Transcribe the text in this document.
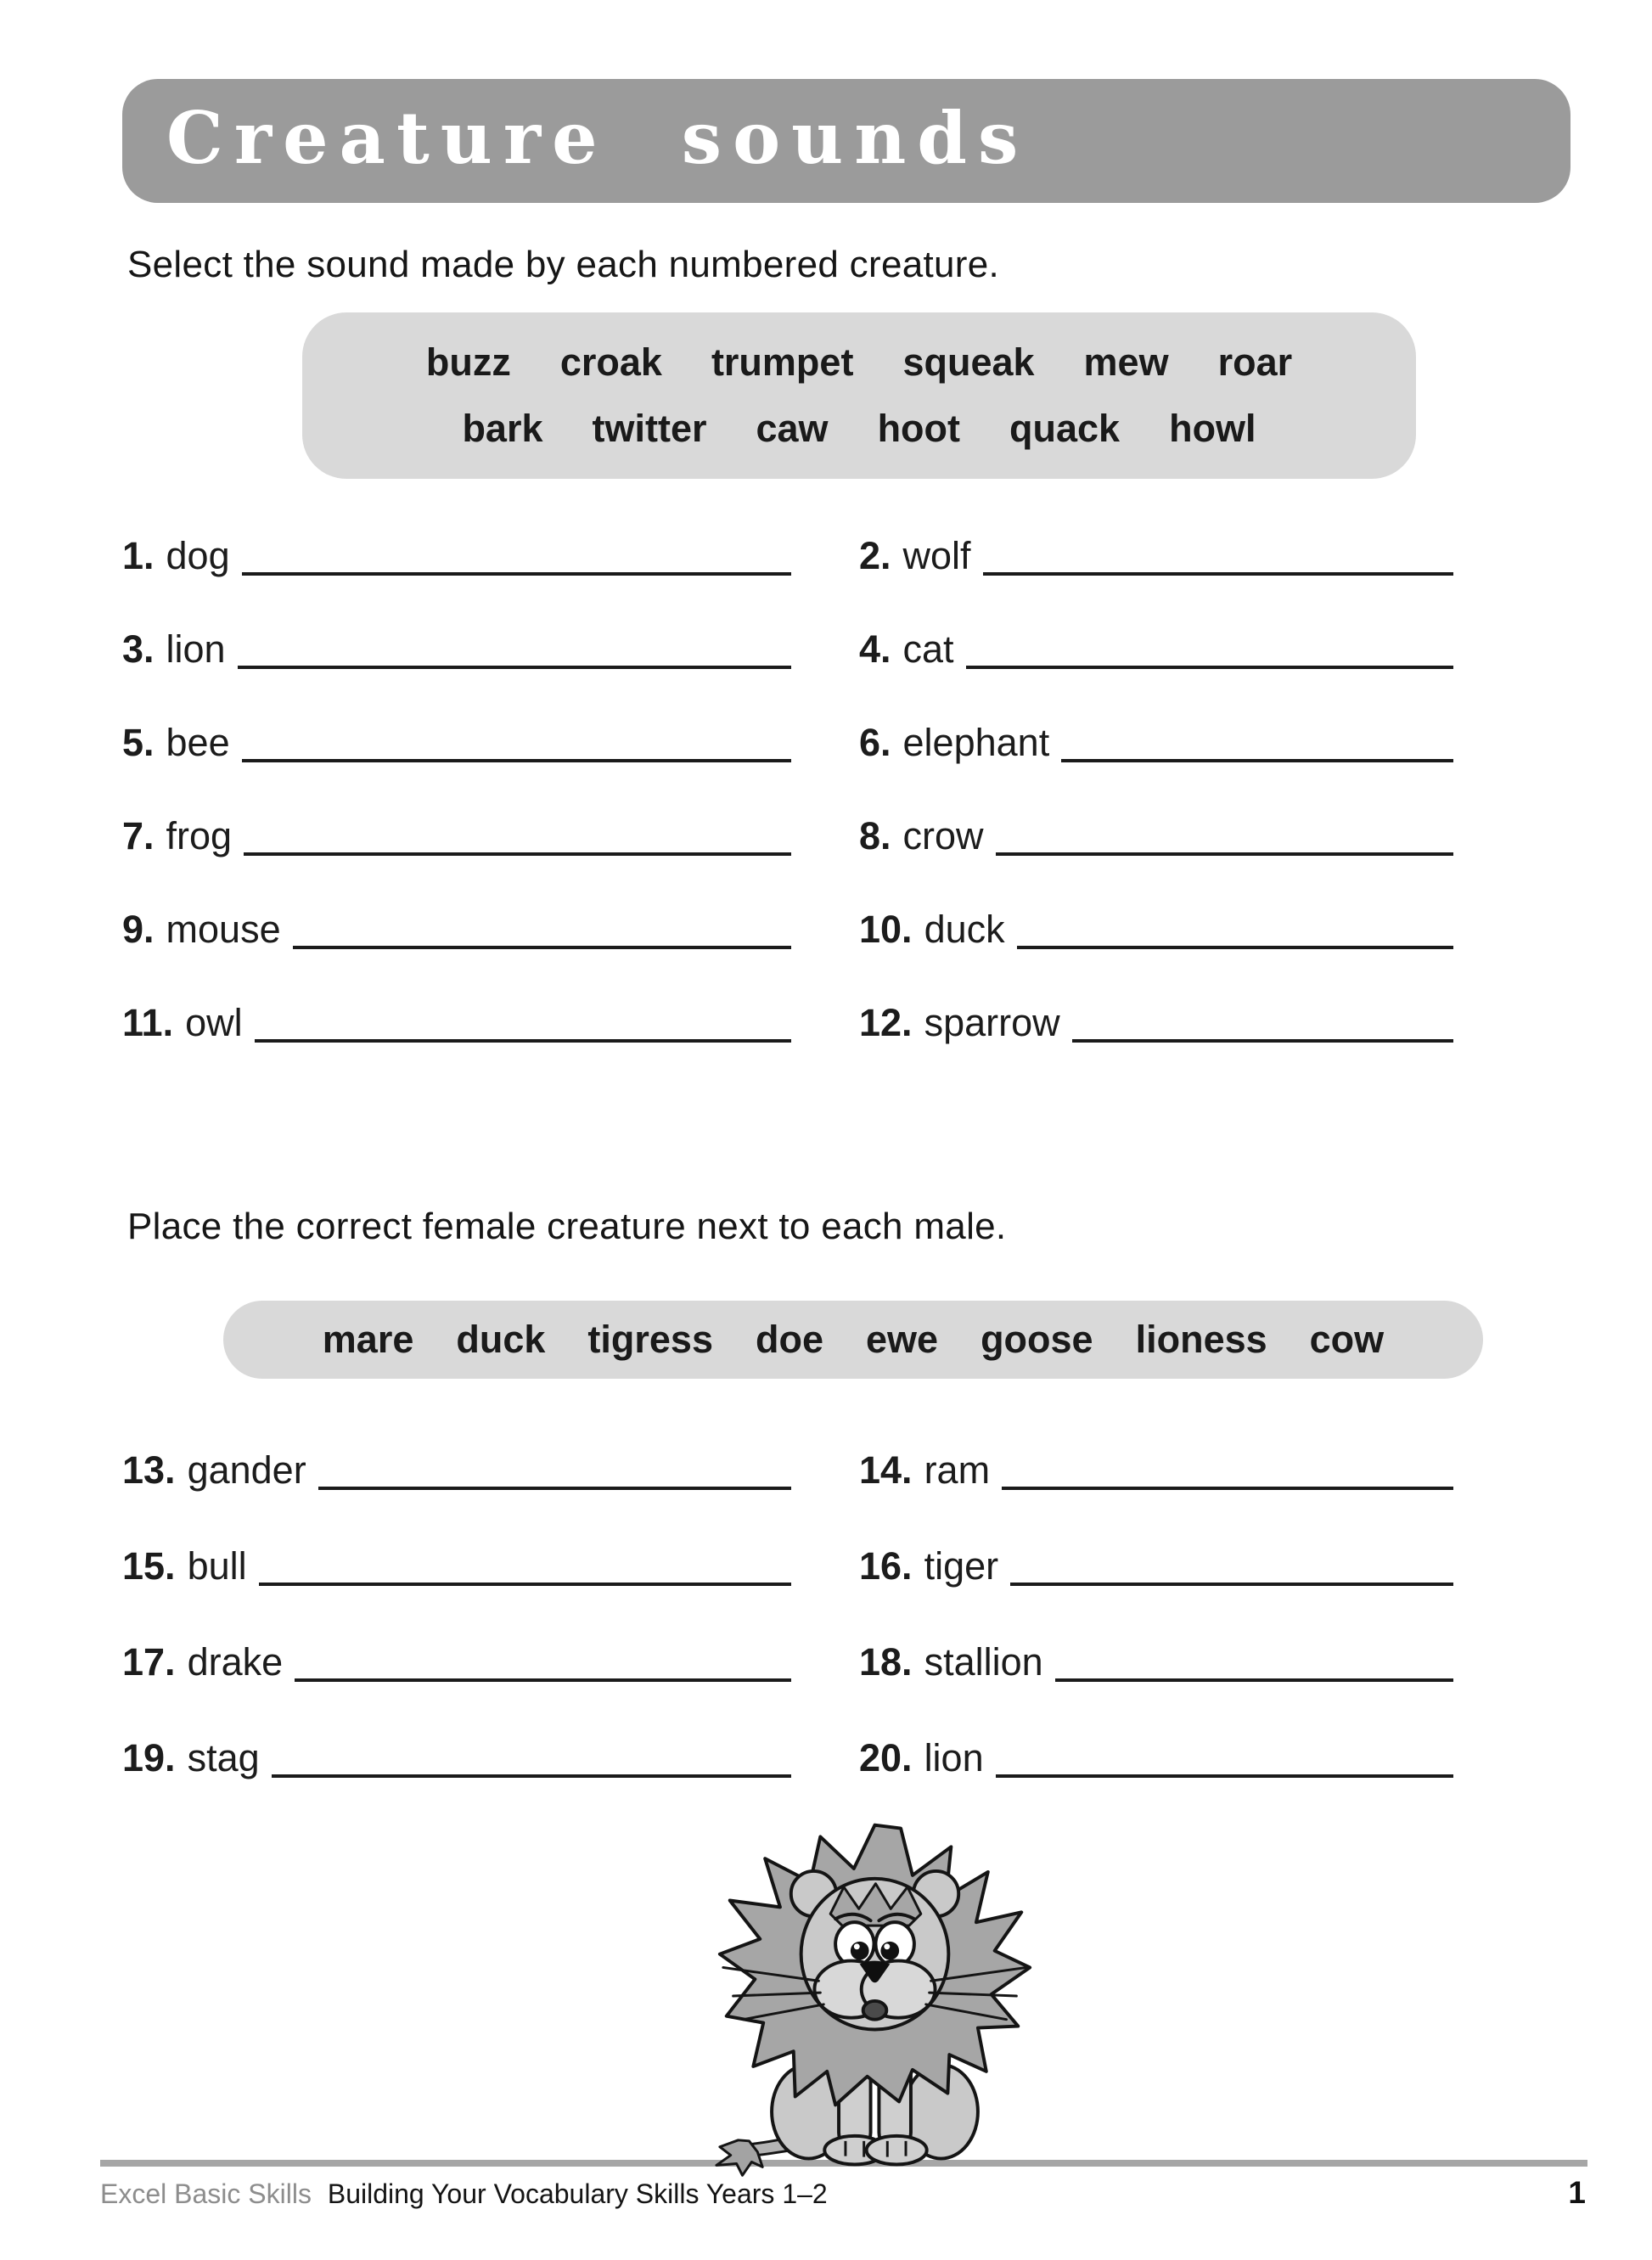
Creature sounds
Select the sound made by each numbered creature.
buzz croak trumpet squeak mew roar
bark twitter caw hoot quack howl
1. dog	2. wolf
3. lion	4. cat
5. bee	6. elephant
7. frog	8. crow
9. mouse	10. duck
11. owl	12. sparrow
Place the correct female creature next to each male.
mare duck tigress doe ewe goose lioness cow
13. gander	14. ram
15. bull	16. tiger
17. drake	18. stallion
19. stag	20. lion
Excel Basic Skills Building Your Vocabulary Skills Years 1–2	1
